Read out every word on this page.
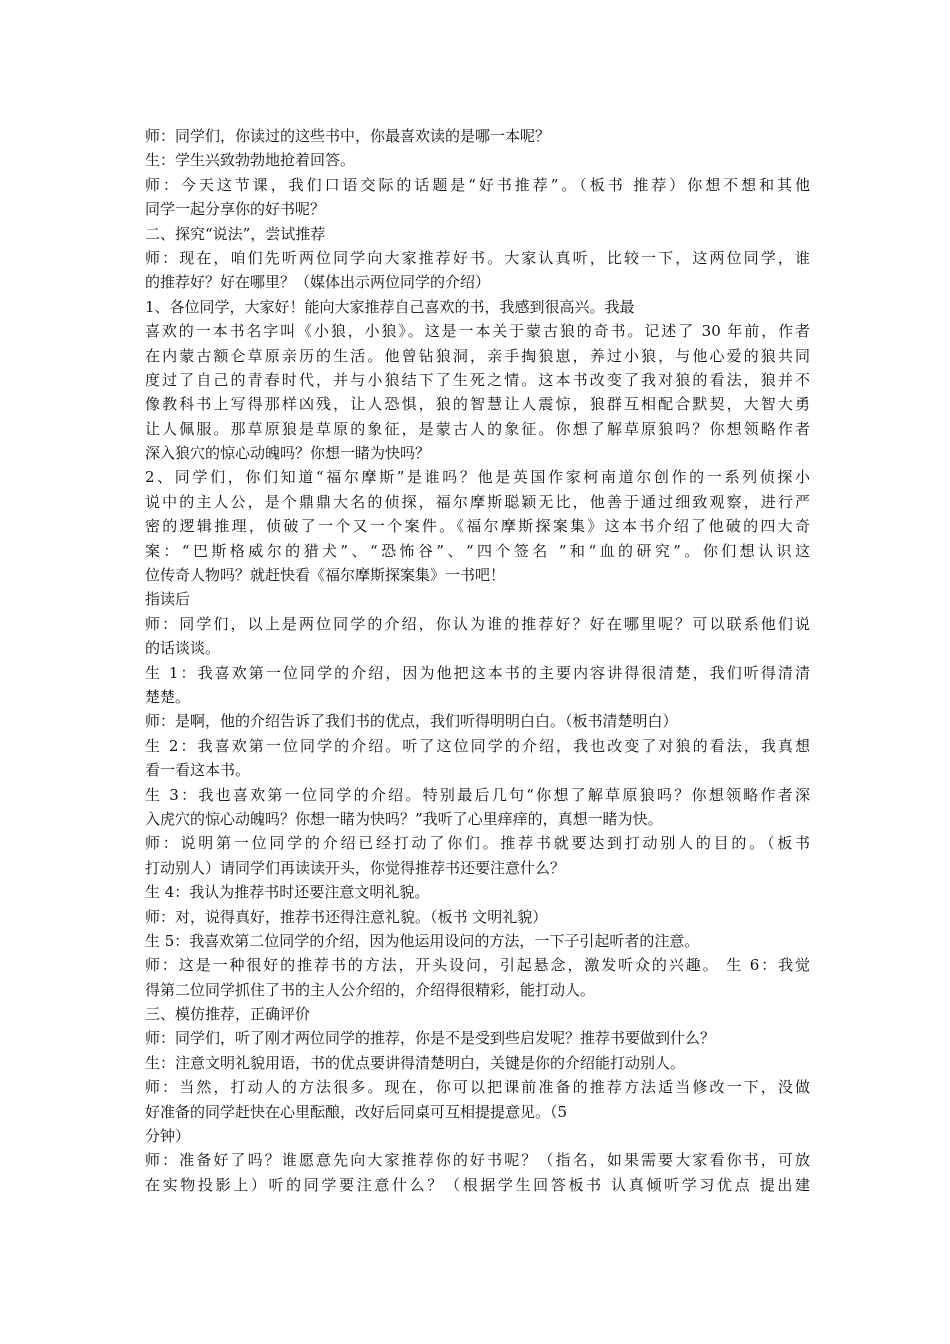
师：同学们，你读过的这些书中，你最喜欢读的是哪一本呢？
生：学生兴致勃勃地抢着回答。
师：今天这节课，我们口语交际的话题是“好书推荐”。（板书 推荐）你想不想和其他
同学一起分享你的好书呢？
二、探究“说法”，尝试推荐
师：现在，咱们先听两位同学向大家推荐好书。大家认真听，比较一下，这两位同学，谁
的推荐好？好在哪里？（媒体出示两位同学的介绍）
1、各位同学，大家好！能向大家推荐自己喜欢的书，我感到很高兴。我最
喜欢的一本书名字叫《小狼，小狼》。这是一本关于蒙古狼的奇书。记述了 30 年前，作者
在内蒙古额仑草原亲历的生活。他曾钻狼洞，亲手掏狼崽，养过小狼，与他心爱的狼共同
度过了自己的青春时代，并与小狼结下了生死之情。这本书改变了我对狼的看法，狼并不
像教科书上写得那样凶残，让人恐惧，狼的智慧让人震惊，狼群互相配合默契，大智大勇
让人佩服。那草原狼是草原的象征，是蒙古人的象征。你想了解草原狼吗？你想领略作者
深入狼穴的惊心动魄吗？你想一睹为快吗？
2、同学们，你们知道“福尔摩斯”是谁吗？他是英国作家柯南道尔创作的一系列侦探小
说中的主人公，是个鼎鼎大名的侦探，福尔摩斯聪颖无比，他善于通过细致观察，进行严
密的逻辑推理，侦破了一个又一个案件。《福尔摩斯探案集》这本书介绍了他破的四大奇
案：“巴斯格威尔的猎犬”、“恐怖谷”、“四个签名 ”和“血的研究”。你们想认识这
位传奇人物吗？就赶快看《福尔摩斯探案集》一书吧！
指读后
师：同学们，以上是两位同学的介绍，你认为谁的推荐好？好在哪里呢？可以联系他们说
的话谈谈。
生 1：我喜欢第一位同学的介绍，因为他把这本书的主要内容讲得很清楚，我们听得清清
楚楚。
师：是啊，他的介绍告诉了我们书的优点，我们听得明明白白。（板书清楚明白）
生 2：我喜欢第一位同学的介绍。听了这位同学的介绍，我也改变了对狼的看法，我真想
看一看这本书。
生 3：我也喜欢第一位同学的介绍。特别最后几句“你想了解草原狼吗？你想领略作者深
入虎穴的惊心动魄吗？你想一睹为快吗？”我听了心里痒痒的，真想一睹为快。
师：说明第一位同学的介绍已经打动了你们。推荐书就要达到打动别人的目的。（板书
打动别人）请同学们再读读开头，你觉得推荐书还要注意什么？
生 4：我认为推荐书时还要注意文明礼貌。
师：对，说得真好，推荐书还得注意礼貌。（板书 文明礼貌）
生 5：我喜欢第二位同学的介绍，因为他运用设问的方法，一下子引起听者的注意。
师：这是一种很好的推荐书的方法，开头设问，引起悬念，激发听众的兴趣。 生 6：我觉
得第二位同学抓住了书的主人公介绍的，介绍得很精彩，能打动人。
三、模仿推荐，正确评价
师：同学们，听了刚才两位同学的推荐，你是不是受到些启发呢？推荐书要做到什么？
生：注意文明礼貌用语，书的优点要讲得清楚明白，关键是你的介绍能打动别人。
师：当然，打动人的方法很多。现在，你可以把课前准备的推荐方法适当修改一下，没做
好准备的同学赶快在心里酝酿，改好后同桌可互相提提意见。（5
分钟）
师：准备好了吗？谁愿意先向大家推荐你的好书呢？（指名，如果需要大家看你书，可放
在实物投影上）听的同学要注意什么？（根据学生回答板书 认真倾听学习优点 提出建
